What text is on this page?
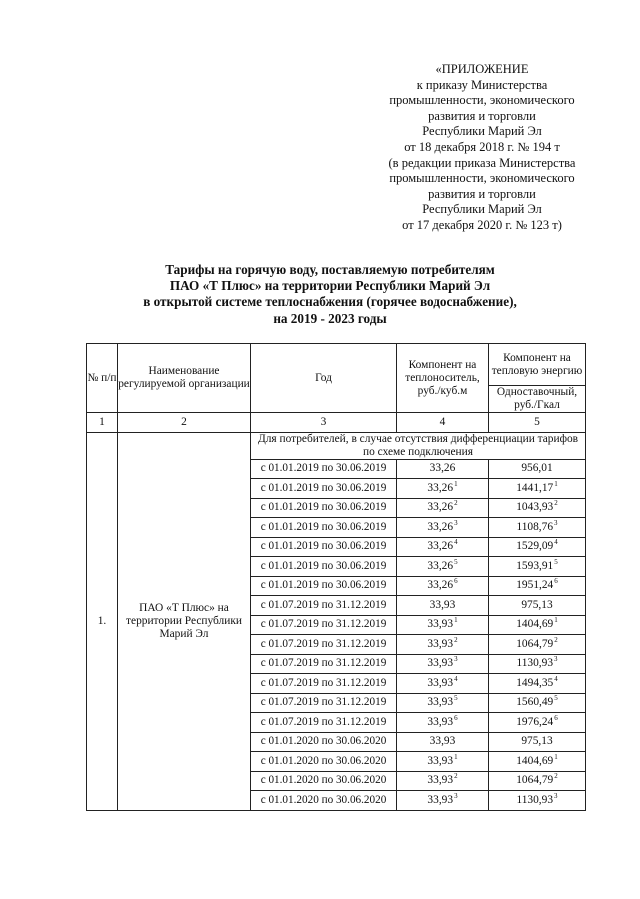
«ПРИЛОЖЕНИЕ
к приказу Министерства
промышленности, экономического
развития и торговли
Республики Марий Эл
от 18 декабря 2018 г. № 194 т
(в редакции приказа Министерства
промышленности, экономического
развития и торговли
Республики Марий Эл
от 17 декабря 2020 г. № 123 т)
Тарифы на горячую воду, поставляемую потребителям
ПАО «Т Плюс» на территории Республики Марий Эл
в открытой системе теплоснабжения (горячее водоснабжение),
на 2019 - 2023 годы
№ п/п	Наименование регулируемой организации	Год	Компонент на теплоноситель, руб./куб.м	Компонент на тепловую энергию
				Одноставочный, руб./Гкал
1	2	3	4	5
1.	ПАО «Т Плюс» на территории Республики Марий Эл	Для потребителей, в случае отсутствия дифференциации тарифов по схеме подключения		
		с 01.01.2019 по 30.06.2019	33,26	956,01
		с 01.01.2019 по 30.06.2019	33,26$^1$	1441,17$^1$
		с 01.01.2019 по 30.06.2019	33,26$^2$	1043,93$^2$
		с 01.01.2019 по 30.06.2019	33,26$^3$	1108,76$^3$
		с 01.01.2019 по 30.06.2019	33,26$^4$	1529,09$^4$
		с 01.01.2019 по 30.06.2019	33,26$^5$	1593,91$^5$
		с 01.01.2019 по 30.06.2019	33,26$^6$	1951,24$^6$
		с 01.07.2019 по 31.12.2019	33,93	975,13
		с 01.07.2019 по 31.12.2019	33,93$^1$	1404,69$^1$
		с 01.07.2019 по 31.12.2019	33,93$^2$	1064,79$^2$
		с 01.07.2019 по 31.12.2019	33,93$^3$	1130,93$^3$
		с 01.07.2019 по 31.12.2019	33,93$^4$	1494,35$^4$
		с 01.07.2019 по 31.12.2019	33,93$^5$	1560,49$^5$
		с 01.07.2019 по 31.12.2019	33,93$^6$	1976,24$^6$
		с 01.01.2020 по 30.06.2020	33,93	975,13
		с 01.01.2020 по 30.06.2020	33,93$^1$	1404,69$^1$
		с 01.01.2020 по 30.06.2020	33,93$^2$	1064,79$^2$
		с 01.01.2020 по 30.06.2020	33,93$^3$	1130,93$^3$
